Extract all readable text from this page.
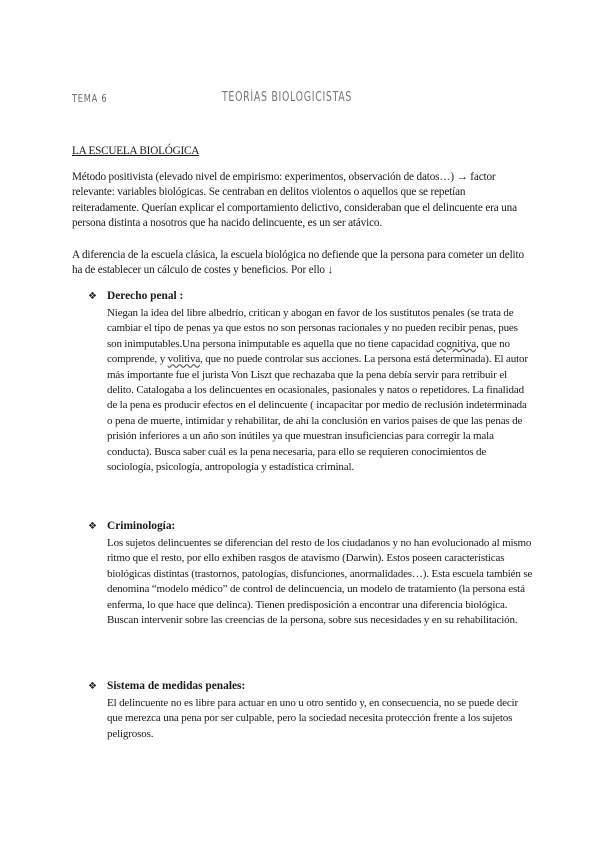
TEMA 6	TEORÍAS BIOLOGICISTAS
LA ESCUELA BIOLÓGICA

Método positivista (elevado nivel de empirismo: experimentos, observación de datos…) → factor relevante: variables biológicas. Se centraban en delitos violentos o aquellos que se repetían reiteradamente. Querían explicar el comportamiento delictivo, consideraban que el delincuente era una persona distinta a nosotros que ha nacido delincuente, es un ser atávico.

A diferencia de la escuela clásica, la escuela biológica no defiende que la persona para cometer un delito ha de establecer un cálculo de costes y beneficios. Por ello ↓

❖ Derecho penal :

Niegan la idea del libre albedrío, critican y abogan en favor de los sustitutos penales (se trata de cambiar el tipo de penas ya que estos no son personas racionales y no pueden recibir penas, pues son inimputables.Una persona inimputable es aquella que no tiene capacidad cognitiva, que no comprende, y volitiva, que no puede controlar sus acciones. La persona está determinada). El autor más importante fue el jurista Von Liszt que rechazaba que la pena debía servir para retribuir el delito. Catalogaba a los delincuentes en ocasionales, pasionales y natos o repetidores. La finalidad de la pena es producir efectos en el delincuente ( incapacitar por medio de reclusión indeterminada o pena de muerte, intimidar y rehabilitar, de ahí la conclusión en varios paises de que las penas de prisión inferiores a un año son inútiles ya que muestran insuficiencias para corregir la mala conducta). Busca saber cuál es la pena necesaria, para ello se requieren conocimientos de sociología, psicología, antropología y estadística criminal.

❖ Criminología:

Los sujetos delincuentes se diferencian del resto de los ciudadanos y no han evolucionado al mismo ritmo que el resto, por ello exhiben rasgos de atavismo (Darwin). Estos poseen características biológicas distintas (trastornos, patologías, disfunciones, anormalidades…). Esta escuela también se denomina “modelo médico” de control de delincuencia, un modelo de tratamiento (la persona está enferma, lo que hace que delinca). Tienen predisposición a encontrar una diferencia biológica. Buscan intervenir sobre las creencias de la persona, sobre sus necesidades y en su rehabilitación.

❖ Sistema de medidas penales:

El delincuente no es libre para actuar en uno u otro sentido y, en consecuencia, no se puede decir que merezca una pena por ser culpable, pero la sociedad necesita protección frente a los sujetos peligrosos.
